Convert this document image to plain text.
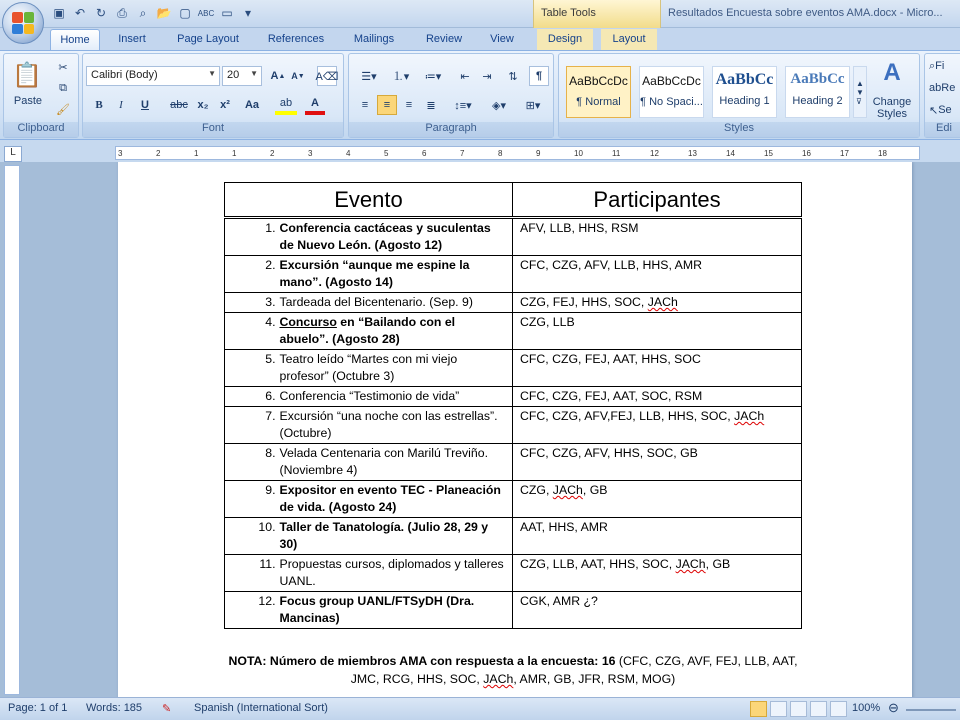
▣ ↶ ↻ ⎙	⌕ 📂 ▢ ABC ▭	▾	Table Tools	Resultados Encuesta sobre eventos AMA.docx - Micro...
Home	Insert	Page Layout	References	Mailings	Review	View	Design	Layout
📋
Paste
✂
⧉
🖌
Clipboard
Calibri (Body)	▼	20 ▼ A ▲ A ▼ A⌫
B	I	U	abc x₂	x²	Aa	ab	A
Font
☰▾	⒈▾	≔▾	⇤	⇥	⇅	¶
≡	≡	≡	≣	↕≡▾	◈▾	⊞▾
Paragraph
AaBbCcDc
¶ Normal
AaBbCcDc
¶ No Spaci...
AaBbCc
Heading 1
AaBbCc
Heading 2
▲
▼
⊽
A
Change Styles
Styles
⌕ Fi
ab Re
↖ Se
Edi
L	3	2	1	1	2	3	4	5	6	7	8	9	10	11	12	13	14	15	16	17	18
Evento		Participantes
1.	Conferencia cactáceas y suculentas de Nuevo León. (Agosto 12)	AFV, LLB, HHS, RSM
2.	Excursión “aunque me espine la mano”. (Agosto 14)	CFC, CZG, AFV, LLB, HHS, AMR
3.	Tardeada del Bicentenario. (Sep. 9)	CZG, FEJ, HHS, SOC, JACh
4.	Concurso en “Bailando con el abuelo”. (Agosto 28)	CZG, LLB
5.	Teatro leído “Martes con mi viejo profesor” (Octubre 3)	CFC, CZG, FEJ, AAT, HHS, SOC
6.	Conferencia “Testimonio de vida”	CFC, CZG, FEJ, AAT, SOC, RSM
7.	Excursión “una noche con las estrellas”. (Octubre)	CFC, CZG, AFV,FEJ, LLB, HHS, SOC, JACh
8.	Velada Centenaria con Marilú Treviño. (Noviembre 4)	CFC, CZG, AFV, HHS, SOC, GB
9.	Expositor en evento TEC - Planeación de vida. (Agosto 24)	CZG, JACh, GB
10.	Taller de Tanatología. (Julio 28, 29 y 30)	AAT, HHS, AMR
11.	Propuestas cursos, diplomados y talleres UANL.	CZG, LLB, AAT, HHS, SOC, JACh, GB
12.	Focus group UANL/FTSyDH (Dra. Mancinas)	CGK, AMR ¿?
NOTA: Número de miembros AMA con respuesta a la encuesta: 16 (CFC, CZG, AVF, FEJ, LLB, AAT, JMC, RCG, HHS, SOC, JACh, AMR, GB, JFR, RSM, MOG)
Page: 1 of 1 Words: 185 ✎ Spanish (International Sort)	100% ⊖
